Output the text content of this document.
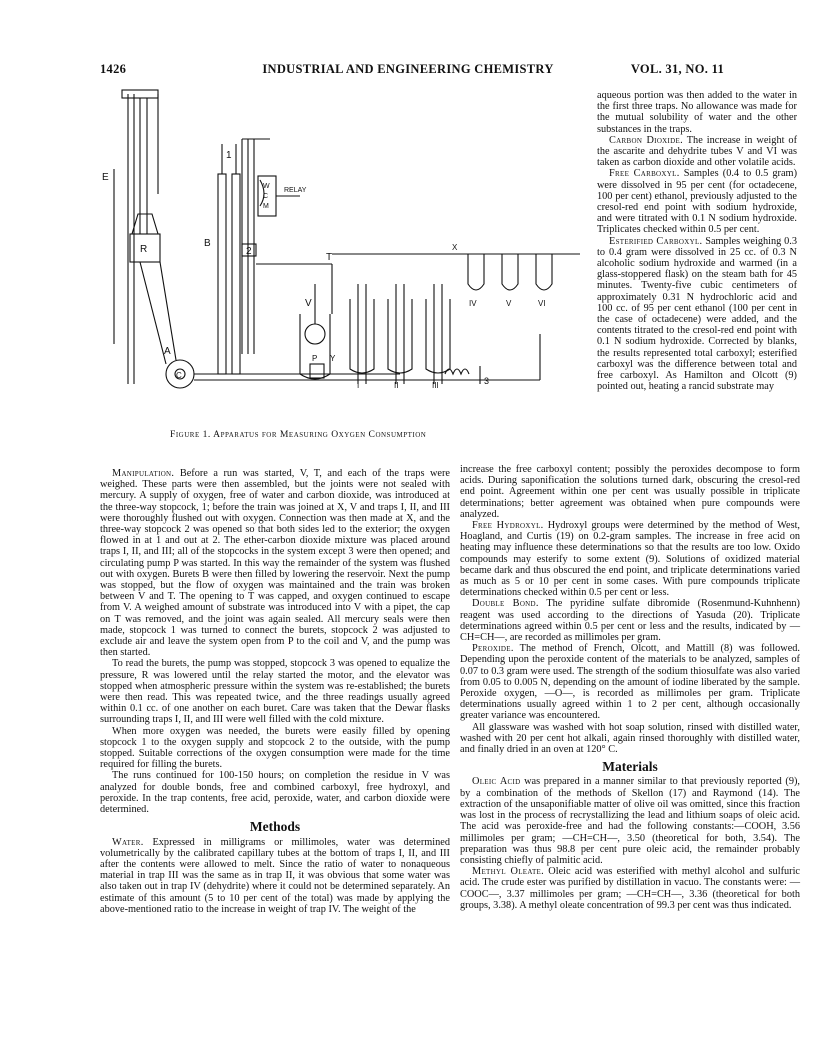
1426	INDUSTRIAL AND ENGINEERING CHEMISTRY	VOL. 31, NO. 11
E
R
A
C
B
1
2
W
C
M
RELAY
T
V
X
P Y
3
I	II	III
IV	V	VI
Figure 1. Apparatus for Measuring Oxygen Consumption

aqueous portion was then added to the water in the first three traps. No allowance was made for the mutual solubility of water and the other substances in the traps.

Carbon Dioxide. The increase in weight of the ascarite and dehydrite tubes V and VI was taken as carbon dioxide and other volatile acids.

Free Carboxyl. Samples (0.4 to 0.5 gram) were dissolved in 95 per cent (for octadecene, 100 per cent) ethanol, previously adjusted to the cresol-red end point with sodium hydroxide, and were titrated with 0.1 N sodium hydroxide. Triplicates checked within 0.5 per cent.

Esterified Carboxyl. Samples weighing 0.3 to 0.4 gram were dissolved in 25 cc. of 0.3 N alcoholic sodium hydroxide and warmed (in a glass-stoppered flask) on the steam bath for 45 minutes. Twenty-five cubic centimeters of approximately 0.31 N hydrochloric acid and 100 cc. of 95 per cent ethanol (100 per cent in the case of octadecene) were added, and the contents titrated to the cresol-red end point with 0.1 N sodium hydroxide. Corrected by blanks, the results represented total carboxyl; esterified carboxyl was the difference between total and free carboxyl. As Hamilton and Olcott (9) pointed out, heating a rancid substrate may

Manipulation. Before a run was started, V, T, and each of the traps were weighed. These parts were then assembled, but the joints were not sealed with mercury. A supply of oxygen, free of water and carbon dioxide, was introduced at the three-way stopcock, 1; before the train was joined at X, V and traps I, II, and III were thoroughly flushed out with oxygen. Connection was then made at X, and the three-way stopcock 2 was opened so that both sides led to the exterior; the oxygen flowed in at 1 and out at 2. The ether-carbon dioxide mixture was placed around traps I, II, and III; all of the stopcocks in the system except 3 were then opened; and circulating pump P was started. In this way the remainder of the system was flushed out with oxygen. Burets B were then filled by lowering the reservoir. Next the pump was stopped, but the flow of oxygen was maintained and the train was broken between V and T. The opening to T was capped, and oxygen continued to escape from V. A weighed amount of substrate was introduced into V with a pipet, the cap on T was removed, and the joint was again sealed. All mercury seals were then made, stopcock 1 was turned to connect the burets, stopcock 2 was adjusted to exclude air and leave the system open from P to the coil and V, and the pump was then started.

To read the burets, the pump was stopped, stopcock 3 was opened to equalize the pressure, R was lowered until the relay started the motor, and the elevator was stopped when atmospheric pressure within the system was re-established; the burets were then read. This was repeated twice, and the three readings usually agreed within 0.1 cc. of one another on each buret. Care was taken that the Dewar flasks surrounding traps I, II, and III were well filled with the cold mixture.

When more oxygen was needed, the burets were easily filled by opening stopcock 1 to the oxygen supply and stopcock 2 to the outside, with the pump stopped. Suitable corrections of the oxygen consumption were made for the time required for filling the burets.

The runs continued for 100-150 hours; on completion the residue in V was analyzed for double bonds, free and combined carboxyl, free hydroxyl, and peroxide. In the trap contents, free acid, peroxide, water, and carbon dioxide were determined.

Methods

Water. Expressed in milligrams or millimoles, water was determined volumetrically by the calibrated capillary tubes at the bottom of traps I, II, and III after the contents were allowed to melt. Since the ratio of water to nonaqueous material in trap III was the same as in trap II, it was obvious that some water was also taken out in trap IV (dehydrite) where it could not be determined separately. An estimate of this amount (5 to 10 per cent of the total) was made by applying the above-mentioned ratio to the increase in weight of trap IV. The weight of the

increase the free carboxyl content; possibly the peroxides decompose to form acids. During saponification the solutions turned dark, obscuring the cresol-red end point. Agreement within one per cent was usually possible in triplicate determinations; better agreement was obtained when pure compounds were analyzed.

Free Hydroxyl. Hydroxyl groups were determined by the method of West, Hoagland, and Curtis (19) on 0.2-gram samples. The increase in free acid on heating may influence these determinations so that the results are too low. Oxido compounds may esterify to some extent (9). Solutions of oxidized material became dark and thus obscured the end point, and triplicate determinations varied as much as 5 or 10 per cent in some cases. With pure compounds triplicate determinations checked within 0.5 per cent or less.

Double Bond. The pyridine sulfate dibromide (Rosenmund-Kuhnhenn) reagent was used according to the directions of Yasuda (20). Triplicate determinations agreed within 0.5 per cent or less and the results, indicated by —CH=CH—, are recorded as millimoles per gram.

Peroxide. The method of French, Olcott, and Mattill (8) was followed. Depending upon the peroxide content of the materials to be analyzed, samples of 0.07 to 0.3 gram were used. The strength of the sodium thiosulfate was also varied from 0.05 to 0.005 N, depending on the amount of iodine liberated by the sample. Peroxide oxygen, —O—, is recorded as millimoles per gram. Triplicate determinations usually agreed within 1 to 2 per cent, although occasionally greater variance was encountered.

All glassware was washed with hot soap solution, rinsed with distilled water, washed with 20 per cent hot alkali, again rinsed thoroughly with distilled water, and finally dried in an oven at 120° C.

Materials

Oleic Acid was prepared in a manner similar to that previously reported (9), by a combination of the methods of Skellon (17) and Raymond (14). The extraction of the unsaponifiable matter of olive oil was omitted, since this fraction was lost in the process of recrystallizing the lead and lithium soaps of oleic acid. The acid was peroxide-free and had the following constants:—COOH, 3.56 millimoles per gram; —CH=CH—, 3.50 (theoretical for both, 3.54). The preparation was thus 98.8 per cent pure oleic acid, the remainder probably consisting chiefly of palmitic acid.

Methyl Oleate. Oleic acid was esterified with methyl alcohol and sulfuric acid. The crude ester was purified by distillation in vacuo. The constants were: —COOC—, 3.37 millimoles per gram; —CH=CH—, 3.36 (theoretical for both groups, 3.38). A methyl oleate concentration of 99.3 per cent was thus indicated.
